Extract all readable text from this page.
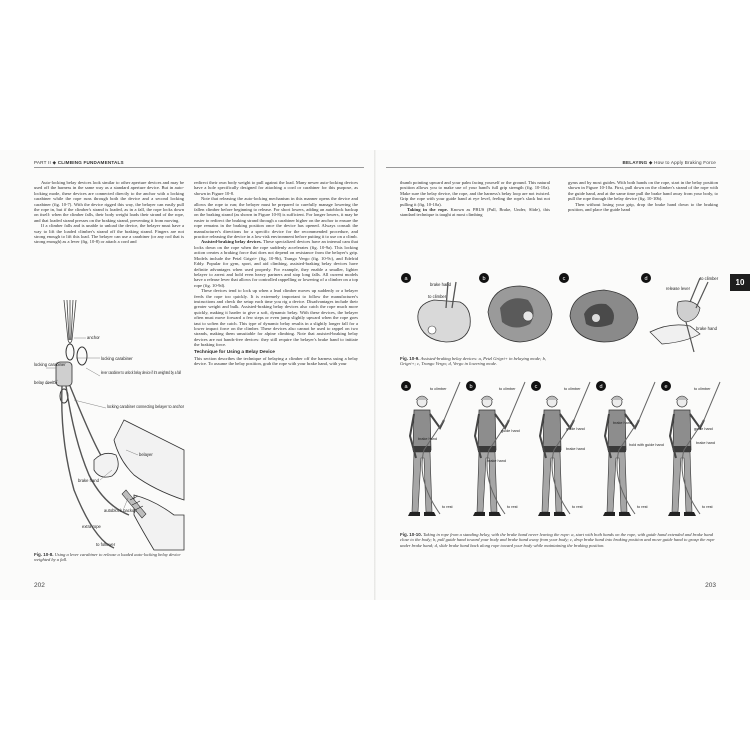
PART II ◆ CLIMBING FUNDAMENTALS

Auto-locking belay devices look similar to other aperture devices and may be used off the harness in the same way as a standard aperture device. But in auto-locking mode, these devices are connected directly to the anchor with a locking carabiner while the rope runs through both the device and a second locking carabiner (fig. 10-7). With the device rigged this way, the belayer can easily pull the rope in, but if the climber's strand is loaded, as in a fall, the rope locks down on itself: when the climber falls, their body weight loads their strand of the rope, and that loaded strand presses on the braking strand, preventing it from moving.

If a climber falls and is unable to unload the device, the belayer must have a way to lift the loaded climber's strand off the braking strand. Fingers are not strong enough to lift this load. The belayer can use a carabiner (or any rod that is strong enough) as a lever (fig. 10-8) or attach a cord and

anchor
locking carabiner
locking carabiner
belay device
lever carabiner to unlock belay device if it's weighted by a fall
locking carabiner connecting belayer to anchor
belayer
brake hand
autoblock backup
extra rope
to follower
Fig. 10-8. Using a lever carabiner to release a loaded auto-locking belay device weighted by a fall.

redirect their own body weight to pull against the load. Many newer auto-locking devices have a hole specifically designed for attaching a cord or carabiner for this purpose, as shown in Figure 10-8.

Note that releasing the auto-locking mechanism in this manner opens the device and allows the rope to run; the belayer must be prepared to carefully manage lowering the fallen climber before beginning to release. For short lowers, adding an autoblock backup on the braking strand (as shown in Figure 10-8) is sufficient. For longer lowers, it may be easier to redirect the braking strand through a carabiner higher on the anchor to ensure the rope remains in the braking position once the device has opened. Always consult the manufacturer's directions for a specific device for the recommended procedure, and practice releasing the device in a low-risk environment before putting it to use on a climb.

Assisted-braking belay devices. These specialized devices have an internal cam that locks down on the rope when the rope suddenly accelerates (fig. 10-9a). This locking action creates a braking force that does not depend on resistance from the belayer's grip. Models include the Petzl Grigri+ (fig. 10-9b), Trango Vergo (fig. 10-9c), and Edelrid Eddy. Popular for gym, sport, and aid climbing, assisted-braking belay devices have definite advantages when used properly. For example, they enable a smaller, lighter belayer to arrest and hold even heavy partners and stop long falls. All current models have a release lever that allows for controlled rappelling or lowering of a climber on a top rope (fig. 10-9d).

These devices tend to lock up when a lead climber moves up suddenly or a belayer feeds the rope too quickly. It is extremely important to follow the manufacturer's instructions and check the setup each time you rig a device. Disadvantages include their greater weight and bulk. Assisted-braking belay devices also catch the rope much more quickly, making it harder to give a soft, dynamic belay. With these devices, the belayer often must move forward a few steps or even jump slightly upward when the rope goes taut to soften the catch. This type of dynamic belay results in a slightly longer fall for a lower impact force on the climber. These devices also cannot be used to rappel on two strands, making them unsuitable for alpine climbing. Note that assisted-braking belay devices are not hands-free devices: they still require the belayer's brake hand to initiate the braking force.

Technique for Using a Belay Device

This section describes the technique of belaying a climber off the harness using a belay device. To assume the belay position, grab the rope with your brake hand, with your

202
BELAYING ◆ How to Apply Braking Force
10

thumb pointing upward and your palm facing yourself or the ground. This natural position allows you to make use of your hand's full grip strength (fig. 10-10a). Make sure the belay device, the rope, and the harness's belay loop are not twisted. Grip the rope with your guide hand at eye level, feeling the rope's slack but not pulling it (fig. 10-10a).

Taking in the rope. Known as PBUS (Pull, Brake, Under, Slide), this standard technique is taught at most climbing

gyms and by most guides. With both hands on the rope, start in the belay position shown in Figure 10-10a. First, pull down on the climber's strand of the rope with the guide hand, and at the same time pull the brake hand away from your body, to pull the rope through the belay device (fig. 10-10b).

Then without losing your grip, drop the brake hand down to the braking position, and place the guide hand

a
brake hand
to climber
b	c	d	to climber
release lever
brake hand
Fig. 10-9. Assisted-braking belay devices: a, Petzl Grigri+ in belaying mode; b, Grigri+; c, Trango Vergo; d, Vergo in lowering mode.
a	to climber
brake hand
to rest
b	to climber
guide hand
brake hand
to rest
c	to climber
guide hand
brake hand
to rest
d
hold with guide hand
brake hand
to rest
e	to climber
guide hand
brake hand
to rest
Fig. 10-10. Taking in rope from a standing belay, with the brake hand never leaving the rope: a, start with both hands on the rope, with guide hand extended and brake hand close to the body; b, pull guide hand toward your body and brake hand away from your body; c, drop brake hand into braking position and move guide hand to grasp the rope under brake hand; d, slide brake hand back along rope toward your body while maintaining the braking position.
203
